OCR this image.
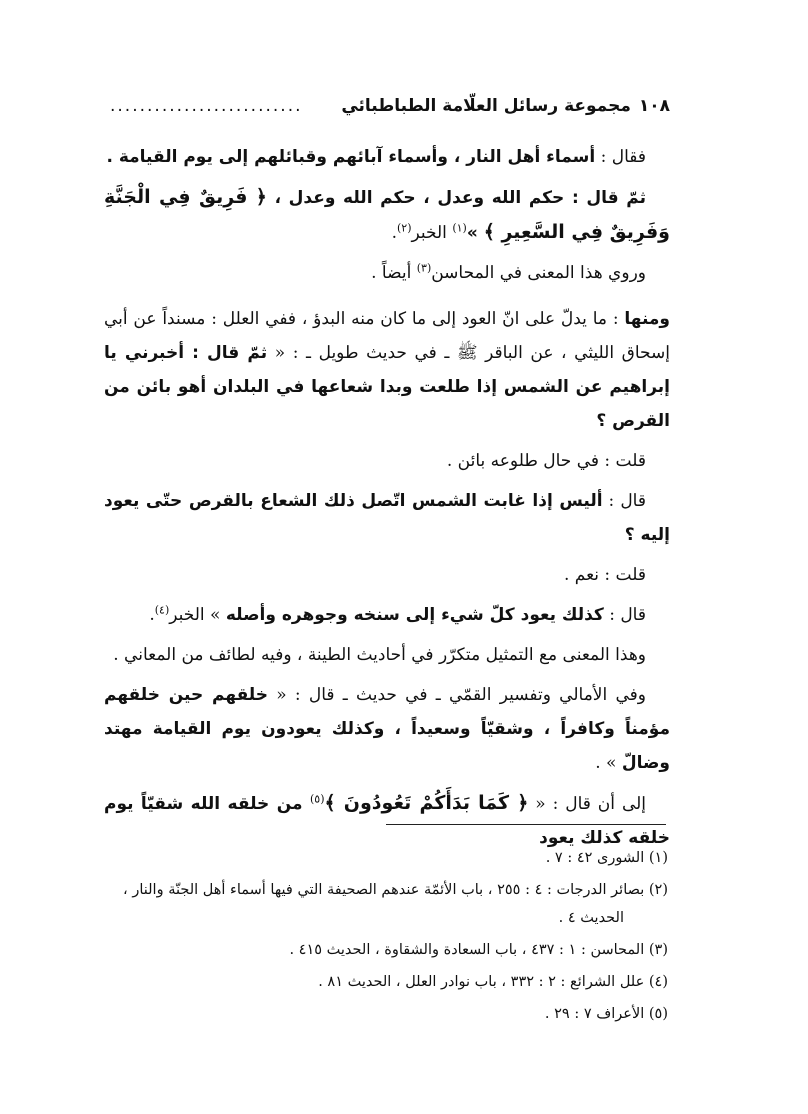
١٠٨
مجموعة رسائل العلّامة الطباطبائي
..........................

فقال : أسماء أهل النار ، وأسماء آبائهم وقبائلهم إلى يوم القيامة .

ثمّ قال : حكم الله وعدل ، حكم الله وعدل ، ﴿ فَرِيقٌ فِي الْجَنَّةِ وَفَرِيقٌ فِي السَّعِيرِ ﴾ »$^{(١)}$ الخبر$^{(٢)}$.

وروي هذا المعنى في المحاسن$^{(٣)}$ أيضاً .

ومنها : ما يدلّ على انّ العود إلى ما كان منه البدؤ ، ففي العلل : مسنداً عن أبي إسحاق الليثي ، عن الباقر ﷺ ـ في حديث طويل ـ : « ثمّ قال : أخبرني يا إبراهيم عن الشمس إذا طلعت وبدا شعاعها في البلدان أهو بائن من القرص ؟

قلت : في حال طلوعه بائن .

قال : أليس إذا غابت الشمس اتّصل ذلك الشعاع بالقرص حتّى يعود إليه ؟

قلت : نعم .

قال : كذلك يعود كلّ شيء إلى سنخه وجوهره وأصله » الخبر$^{(٤)}$.

وهذا المعنى مع التمثيل متكرّر في أحاديث الطينة ، وفيه لطائف من المعاني .

وفي الأمالي وتفسير القمّي ـ في حديث ـ قال : « خلقهم حين خلقهم مؤمناً وكافراً ، وشقيّاً وسعيداً ، وكذلك يعودون يوم القيامة مهتد وضالّ » .

إلى أن قال : « ﴿ كَمَا بَدَأَكُمْ تَعُودُونَ ﴾$^{(٥)}$ من خلقه الله شقيّاً يوم خلقه كذلك يعود

(١) الشورى ٤٢ : ٧ .
(٢) بصائر الدرجات : ٤ : ٢٥٥ ، باب الأئمّة عندهم الصحيفة التي فيها أسماء أهل الجنّة والنار ،
الحديث ٤ .
(٣) المحاسن : ١ : ٤٣٧ ، باب السعادة والشقاوة ، الحديث ٤١٥ .
(٤) علل الشرائع : ٢ : ٣٣٢ ، باب نوادر العلل ، الحديث ٨١ .
(٥) الأعراف ٧ : ٢٩ .
